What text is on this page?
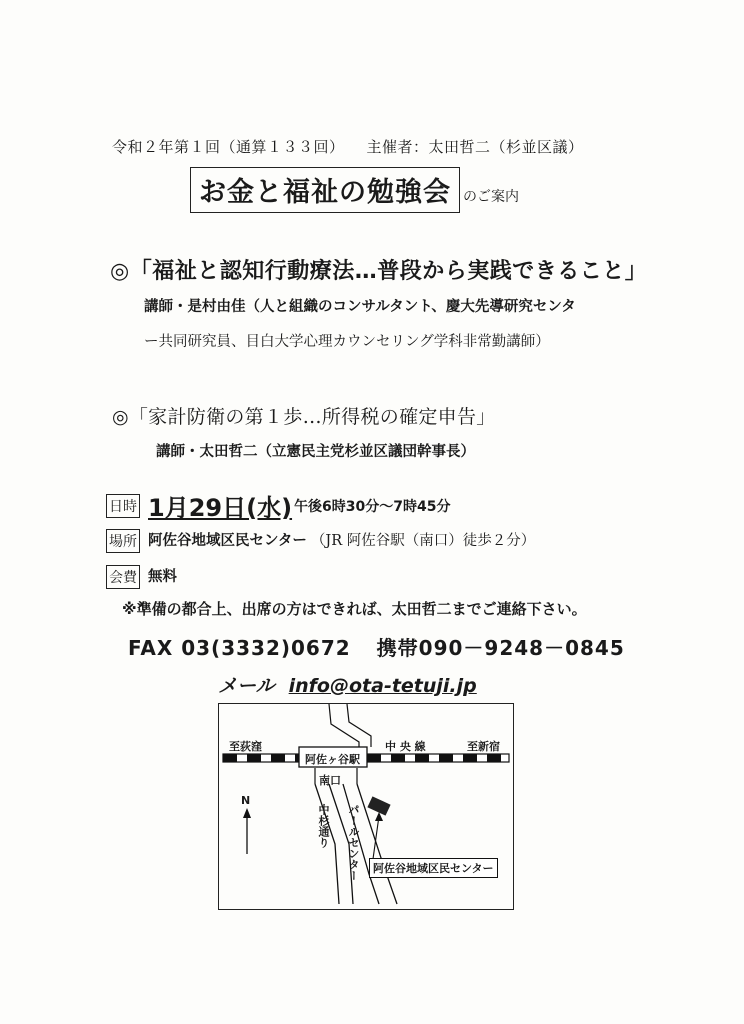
令和２年第１回（通算１３３回） 主催者：太田哲二（杉並区議）
お金と福祉の勉強会 のご案内
◎「福祉と認知行動療法…普段から実践できること」
講師・是村由佳（人と組織のコンサルタント、慶大先導研究センタ
ー共同研究員、目白大学心理カウンセリング学科非常勤講師）
◎「家計防衛の第１歩…所得税の確定申告」
講師・太田哲二（立憲民主党杉並区議団幹事長）
日時 1月29日(水) 午後6時30分～7時45分
場所 阿佐谷地域区民センター （JR 阿佐谷駅（南口）徒歩２分）
会費 無料
※準備の都合上、出席の方はできれば、太田哲二までご連絡下さい。
FAX 03(3332)0672 携帯090－9248－0845
メール info@ota-tetuji.jp
至荻窪	至新宿
中 央 線
阿佐ヶ谷駅
南口
N
中杉通り パールセンター	阿佐谷地域区民センター
